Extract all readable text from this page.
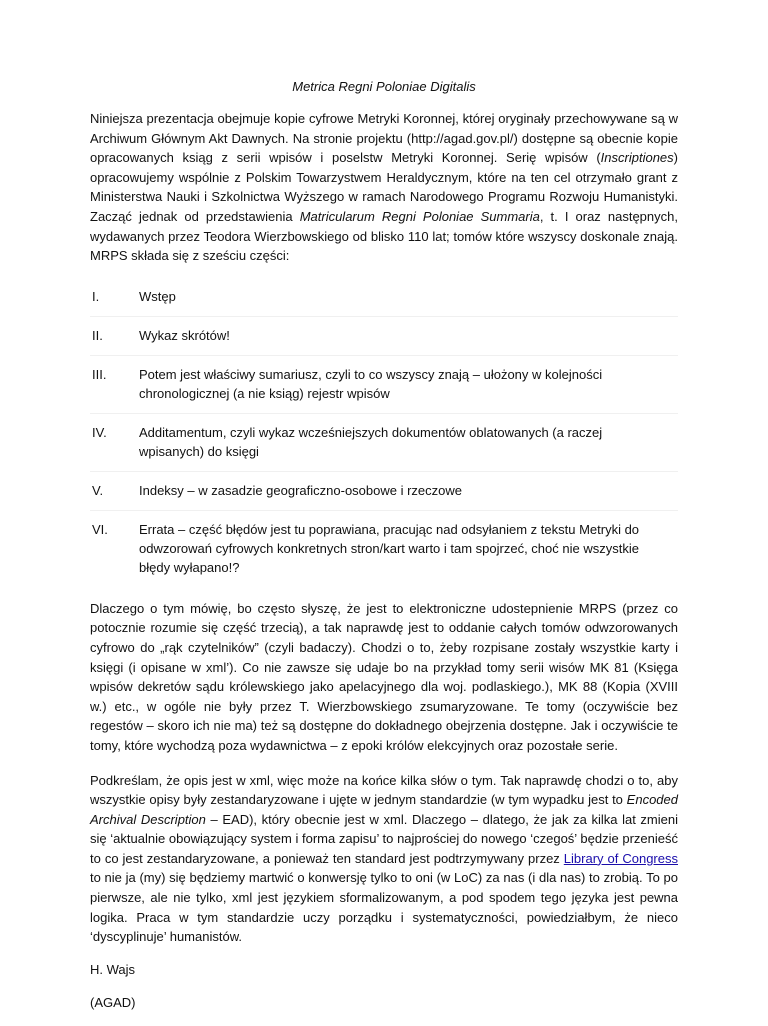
Metrica Regni Poloniae Digitalis

Niniejsza prezentacja obejmuje kopie cyfrowe Metryki Koronnej, której oryginały przechowywane są w Archiwum Głównym Akt Dawnych. Na stronie projektu (http://agad.gov.pl/) dostępne są obecnie kopie opracowanych ksiąg z serii wpisów i poselstw Metryki Koronnej. Serię wpisów (Inscriptiones) opracowujemy wspólnie z Polskim Towarzystwem Heraldycznym, które na ten cel otrzymało grant z Ministerstwa Nauki i Szkolnictwa Wyższego w ramach Narodowego Programu Rozwoju Humanistyki. Zacząć jednak od przedstawienia Matricularum Regni Poloniae Summaria, t. I oraz następnych, wydawanych przez Teodora Wierzbowskiego od blisko 110 lat; tomów które wszyscy doskonale znają. MRPS składa się z sześciu części:

I.	Wstęp
II.	Wykaz skrótów!
III.	Potem jest właściwy sumariusz, czyli to co wszyscy znają – ułożony w kolejności chronologicznej (a nie ksiąg) rejestr wpisów
IV.	Additamentum, czyli wykaz wcześniejszych dokumentów oblatowanych (a raczej wpisanych) do księgi
V.	Indeksy – w zasadzie geograficzno-osobowe i rzeczowe
VI.	Errata – część błędów jest tu poprawiana, pracując nad odsyłaniem z tekstu Metryki do odwzorowań cyfrowych konkretnych stron/kart warto i tam spojrzeć, choć nie wszystkie błędy wyłapano!?

Dlaczego o tym mówię, bo często słyszę, że jest to elektroniczne udostepnienie MRPS (przez co potocznie rozumie się część trzecią), a tak naprawdę jest to oddanie całych tomów odwzorowanych cyfrowo do „rąk czytelników” (czyli badaczy). Chodzi o to, żeby rozpisane zostały wszystkie karty i księgi (i opisane w xml’). Co nie zawsze się udaje bo na przykład tomy serii wisów MK 81 (Księga wpisów dekretów sądu królewskiego jako apelacyjnego dla woj. podlaskiego.), MK 88 (Kopia (XVIII w.) etc., w ogóle nie były przez T. Wierzbowskiego zsumaryzowane. Te tomy (oczywiście bez regestów – skoro ich nie ma) też są dostępne do dokładnego obejrzenia dostępne. Jak i oczywiście te tomy, które wychodzą poza wydawnictwa – z epoki królów elekcyjnych oraz pozostałe serie.

Podkreślam, że opis jest w xml, więc może na końce kilka słów o tym. Tak naprawdę chodzi o to, aby wszystkie opisy były zestandaryzowane i ujęte w jednym standardzie (w tym wypadku jest to Encoded Archival Description – EAD), który obecnie jest w xml. Dlaczego – dlatego, że jak za kilka lat zmieni się ‘aktualnie obowiązujący system i forma zapisu’ to najprościej do nowego ‘czegoś’ będzie przenieść to co jest zestandaryzowane, a ponieważ ten standard jest podtrzymywany przez Library of Congress to nie ja (my) się będziemy martwić o konwersję tylko to oni (w LoC) za nas (i dla nas) to zrobią. To po pierwsze, ale nie tylko, xml jest językiem sformalizowanym, a pod spodem tego języka jest pewna logika. Praca w tym standardzie uczy porządku i systematyczności, powiedziałbym, że nieco ‘dyscyplinuje’ humanistów.

H. Wajs

(AGAD)
